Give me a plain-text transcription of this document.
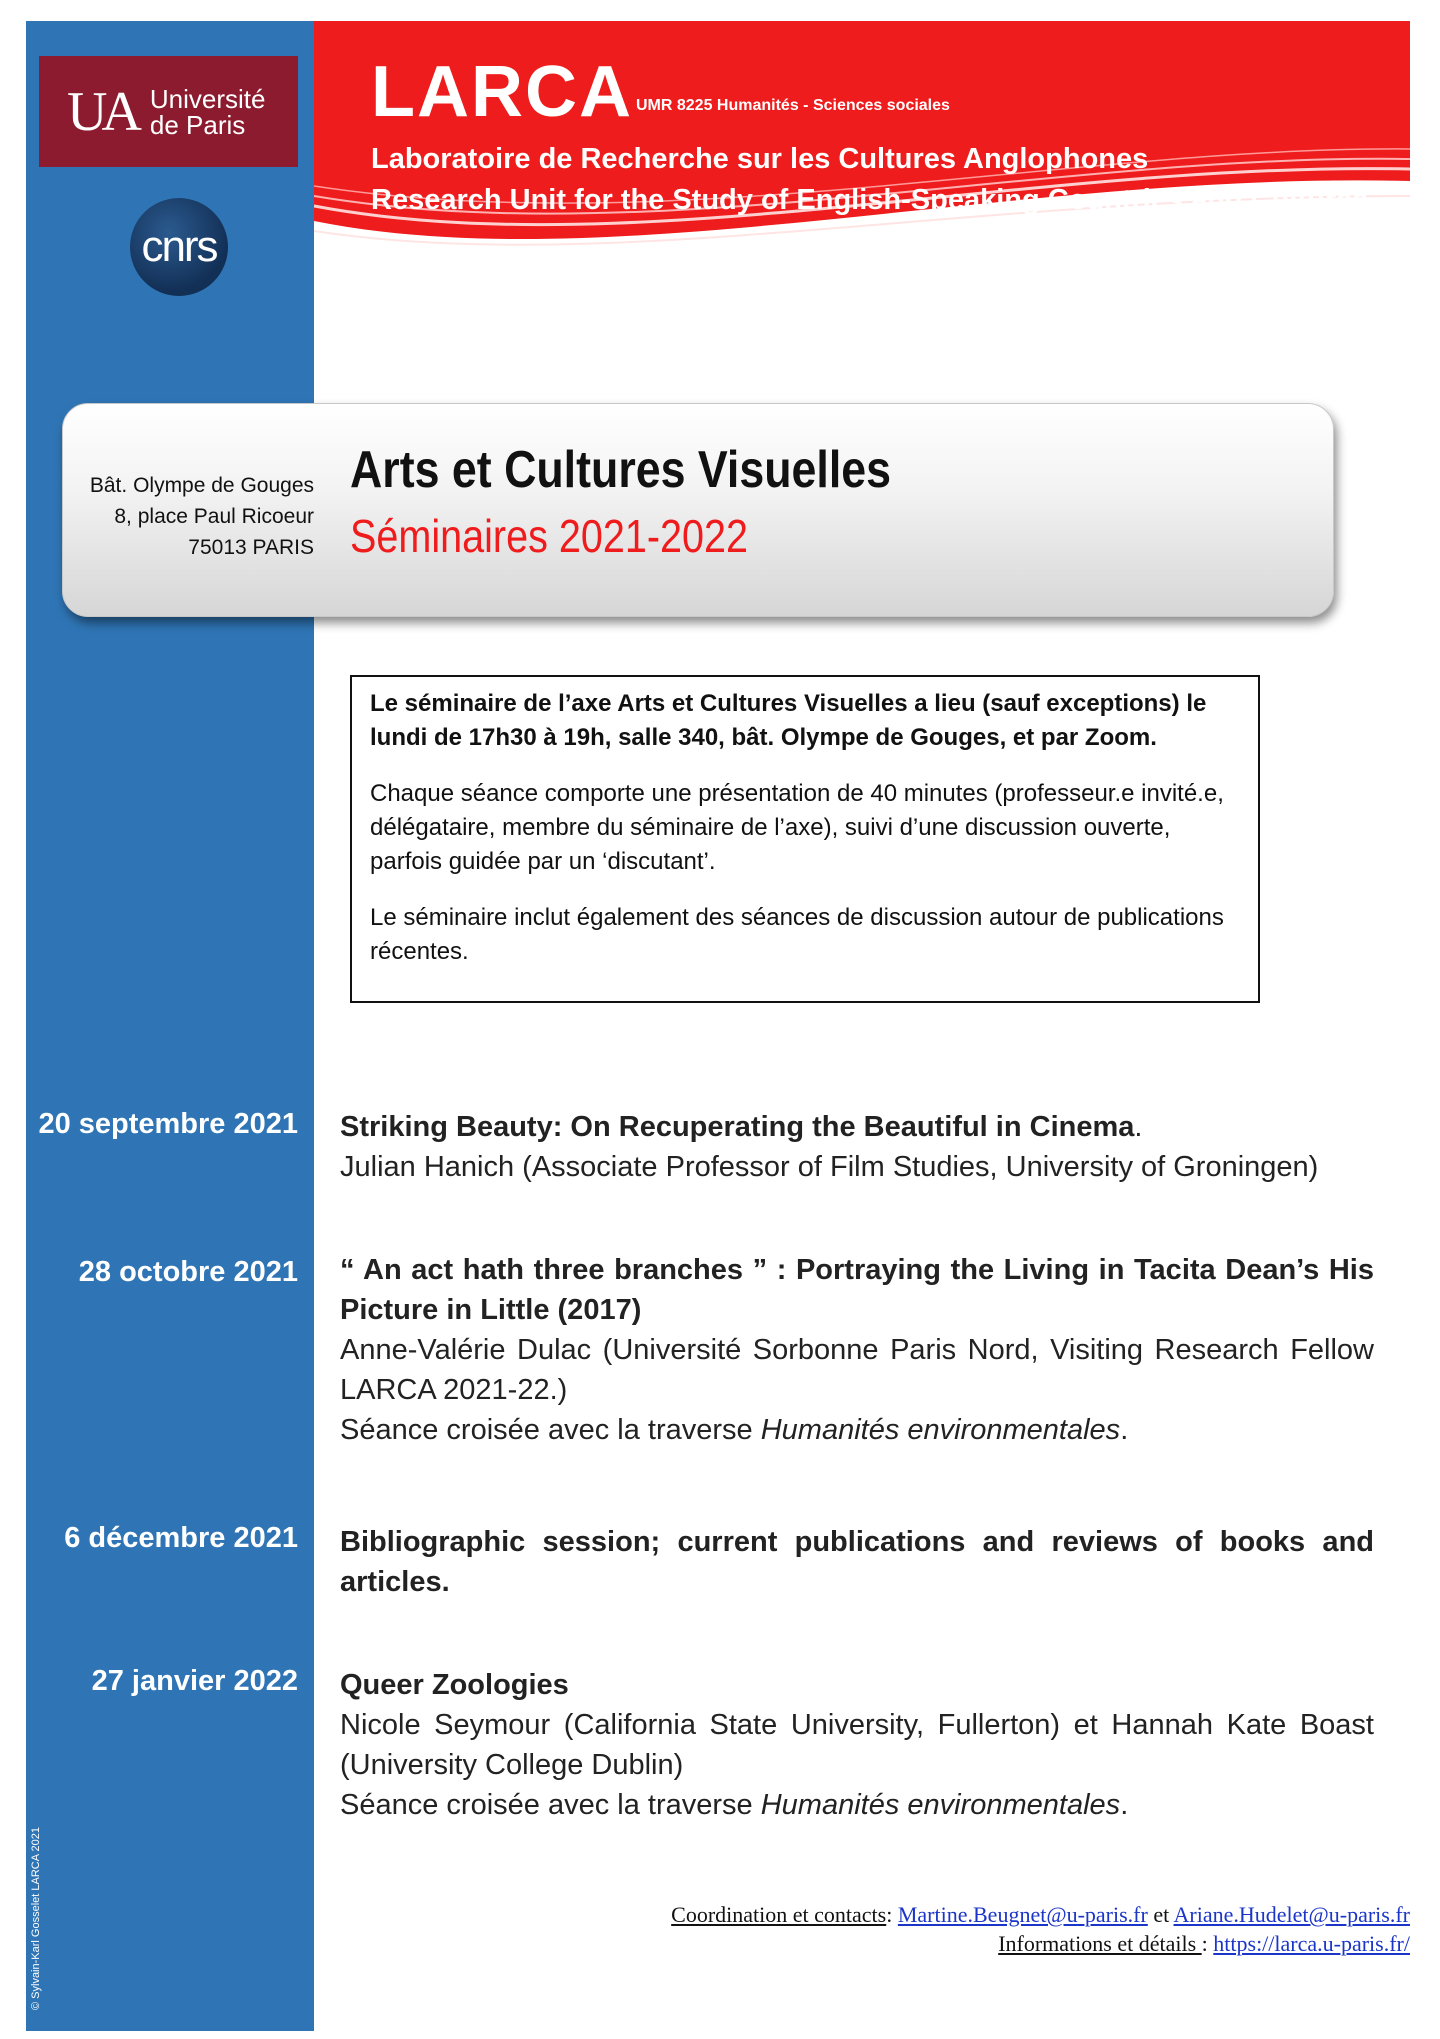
UA Université
de Paris
cnrs
LARCA UMR 8225 Humanités - Sciences sociales
Laboratoire de Recherche sur les Cultures Anglophones
Research Unit for the Study of English-Speaking Countries and Cultures
Bât. Olympe de Gouges
8, place Paul Ricoeur
75013 PARIS
Arts et Cultures Visuelles
Séminaires 2021-2022

Le séminaire de l’axe Arts et Cultures Visuelles a lieu (sauf exceptions) le lundi de 17h30 à 19h, salle 340, bât. Olympe de Gouges, et par Zoom.

Chaque séance comporte une présentation de 40 minutes (professeur.e invité.e, délégataire, membre du séminaire de l’axe), suivi d’une discussion ouverte, parfois guidée par un ‘discutant’.

Le séminaire inclut également des séances de discussion autour de publications récentes.

20 septembre 2021 Striking Beauty: On Recuperating the Beautiful in Cinema.
Julian Hanich (Associate Professor of Film Studies, University of Groningen)
28 octobre 2021 “ An act hath three branches ” : Portraying the Living in Tacita Dean’s His Picture in Little (2017)
Anne-Valérie Dulac (Université Sorbonne Paris Nord, Visiting Research Fellow LARCA 2021-22.)
Séance croisée avec la traverse Humanités environmentales.
6 décembre 2021 Bibliographic session; current publications and reviews of books and articles.
27 janvier 2022 Queer Zoologies
Nicole Seymour (California State University, Fullerton) et Hannah Kate Boast (University College Dublin)
Séance croisée avec la traverse Humanités environmentales.
Coordination et contacts: Martine.Beugnet@u-paris.fr et Ariane.Hudelet@u-paris.fr
Informations et détails : https://larca.u-paris.fr/
© Sylvain-Karl Gosselet LARCA 2021
